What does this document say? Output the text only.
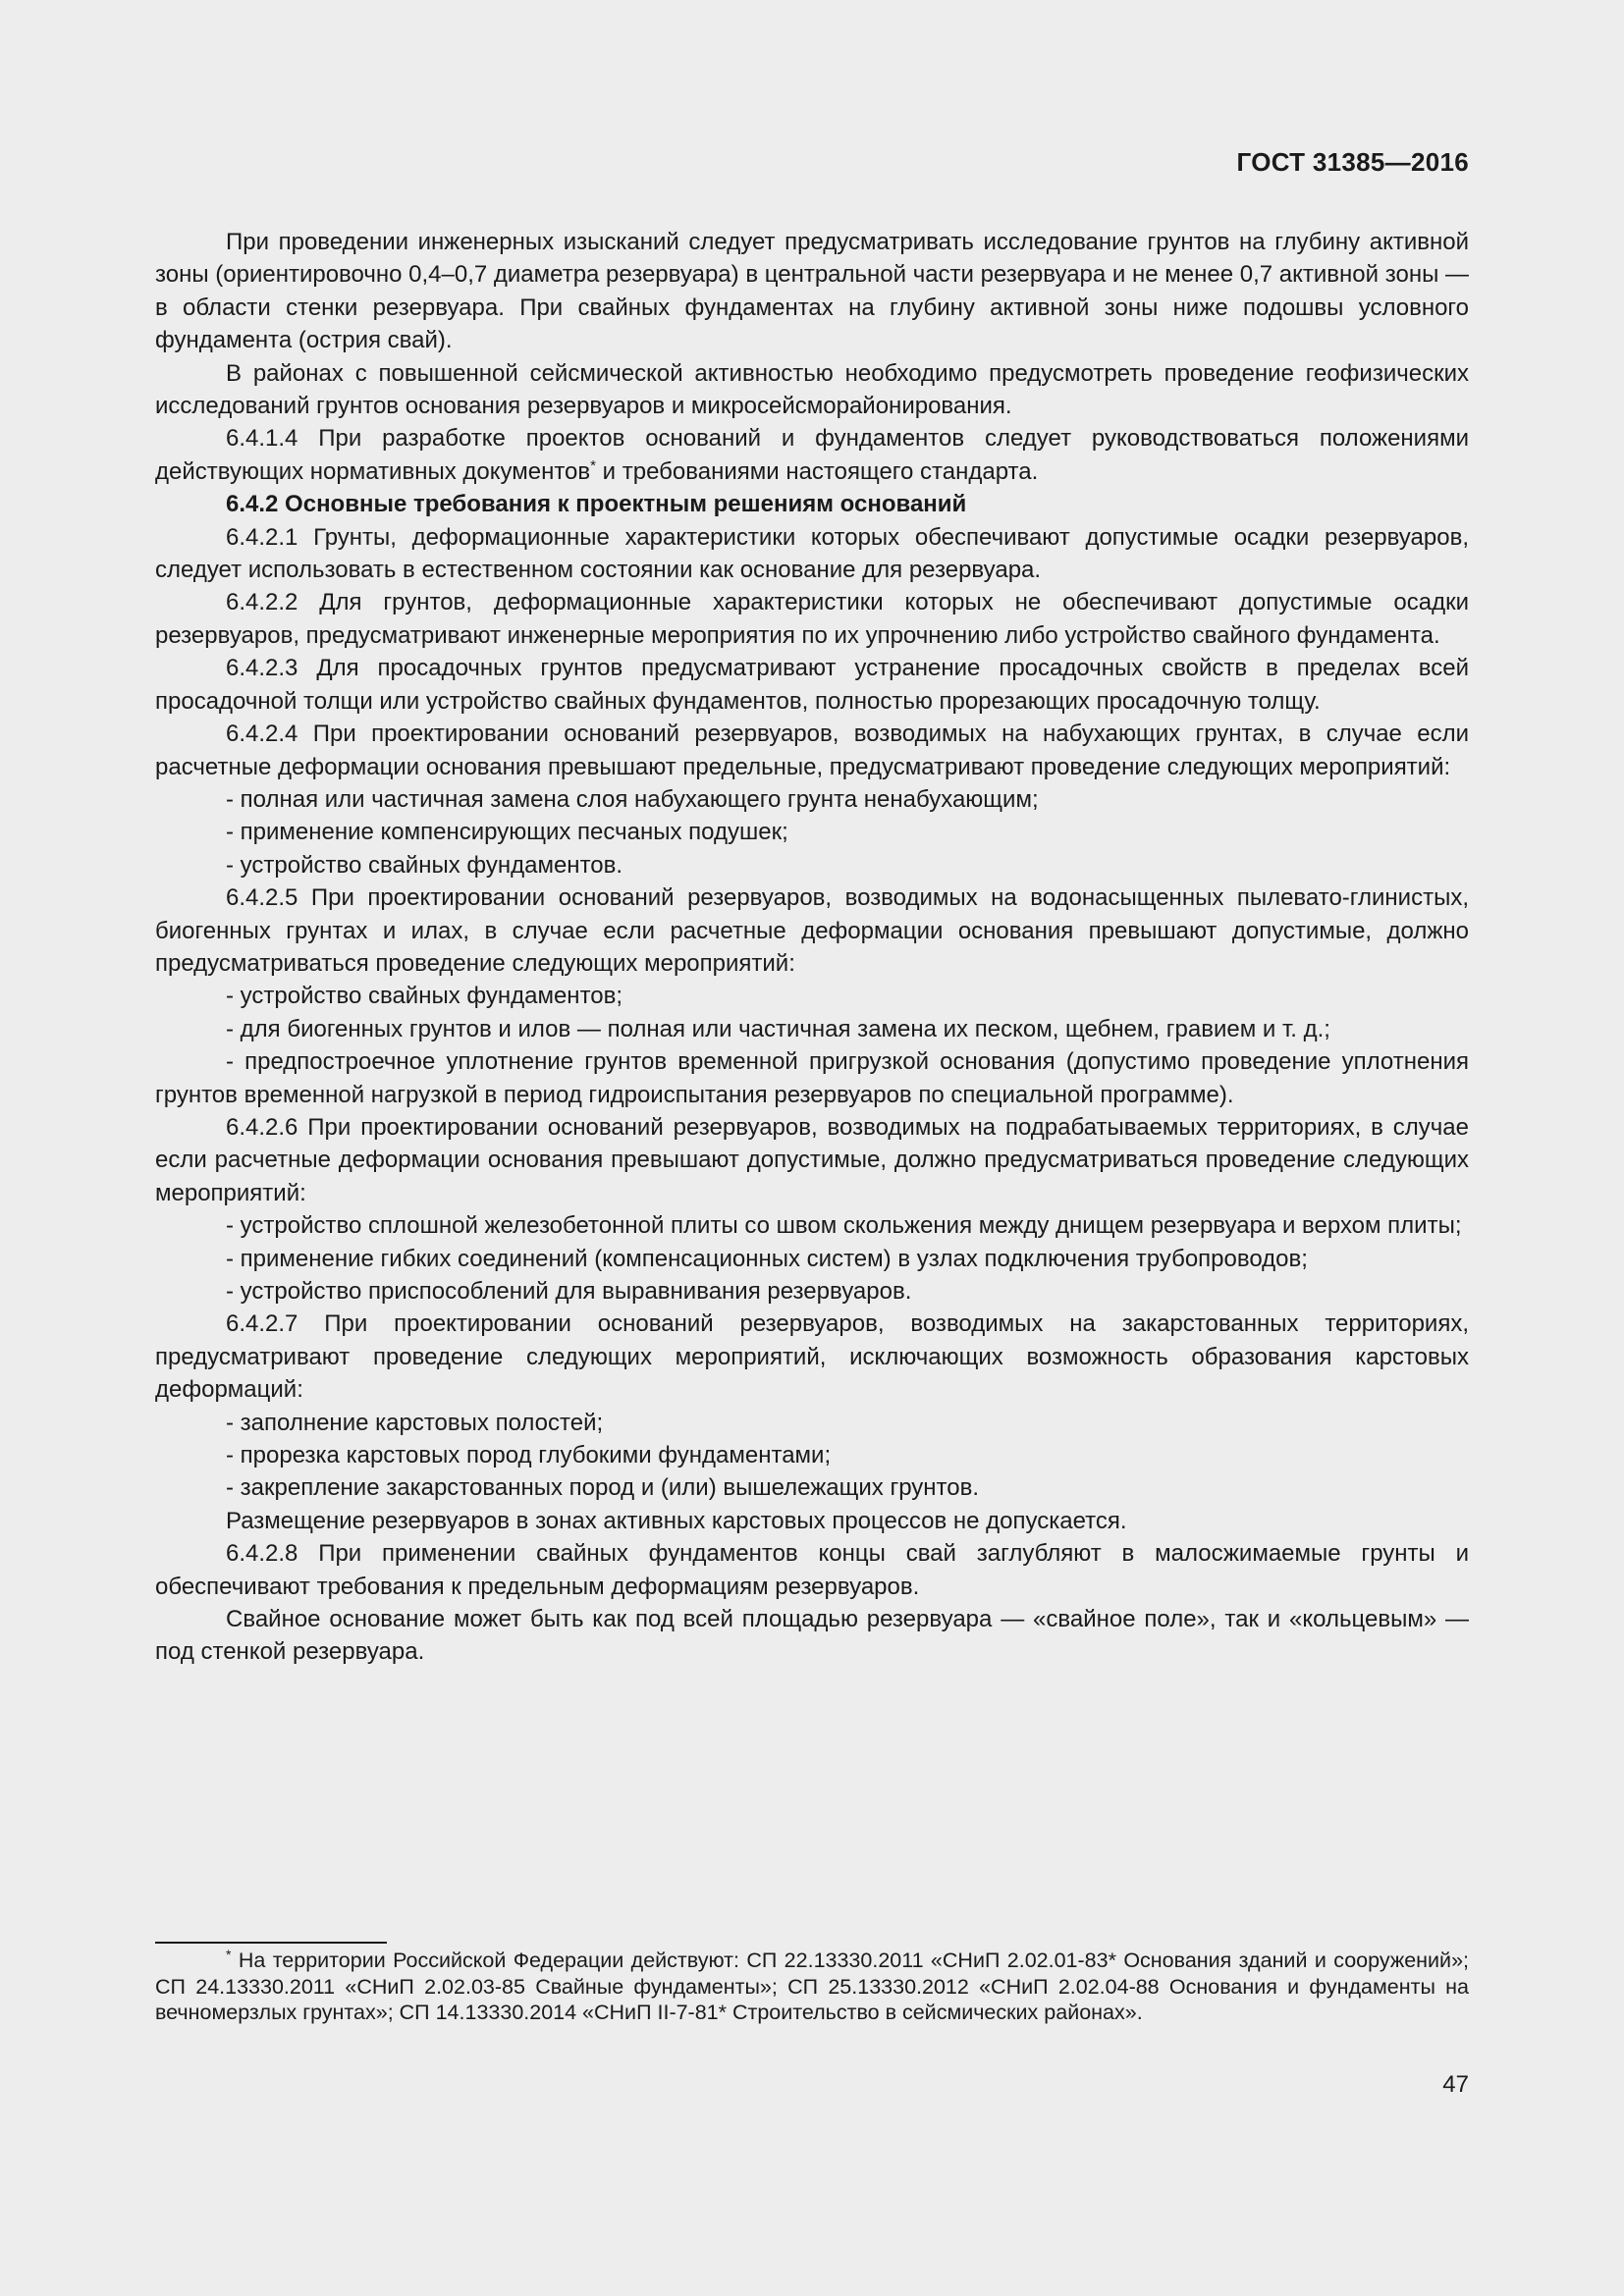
ГОСТ 31385—2016

При проведении инженерных изысканий следует предусматривать исследование грунтов на глубину активной зоны (ориентировочно 0,4–0,7 диаметра резервуара) в центральной части резервуара и не менее 0,7 активной зоны — в области стенки резервуара. При свайных фундаментах на глубину активной зоны ниже подошвы условного фундамента (острия свай).

В районах с повышенной сейсмической активностью необходимо предусмотреть проведение геофизических исследований грунтов основания резервуаров и микросейсморайонирования.

6.4.1.4 При разработке проектов оснований и фундаментов следует руководствоваться положениями действующих нормативных документов* и требованиями настоящего стандарта.

6.4.2 Основные требования к проектным решениям оснований

6.4.2.1 Грунты, деформационные характеристики которых обеспечивают допустимые осадки резервуаров, следует использовать в естественном состоянии как основание для резервуара.

6.4.2.2 Для грунтов, деформационные характеристики которых не обеспечивают допустимые осадки резервуаров, предусматривают инженерные мероприятия по их упрочнению либо устройство свайного фундамента.

6.4.2.3 Для просадочных грунтов предусматривают устранение просадочных свойств в пределах всей просадочной толщи или устройство свайных фундаментов, полностью прорезающих просадочную толщу.

6.4.2.4 При проектировании оснований резервуаров, возводимых на набухающих грунтах, в случае если расчетные деформации основания превышают предельные, предусматривают проведение следующих мероприятий:

- полная или частичная замена слоя набухающего грунта ненабухающим;

- применение компенсирующих песчаных подушек;

- устройство свайных фундаментов.

6.4.2.5 При проектировании оснований резервуаров, возводимых на водонасыщенных пылевато-глинистых, биогенных грунтах и илах, в случае если расчетные деформации основания превышают допустимые, должно предусматриваться проведение следующих мероприятий:

- устройство свайных фундаментов;

- для биогенных грунтов и илов — полная или частичная замена их песком, щебнем, гравием и т. д.;

- предпостроечное уплотнение грунтов временной пригрузкой основания (допустимо проведение уплотнения грунтов временной нагрузкой в период гидроиспытания резервуаров по специальной программе).

6.4.2.6 При проектировании оснований резервуаров, возводимых на подрабатываемых территориях, в случае если расчетные деформации основания превышают допустимые, должно предусматриваться проведение следующих мероприятий:

- устройство сплошной железобетонной плиты со швом скольжения между днищем резервуара и верхом плиты;

- применение гибких соединений (компенсационных систем) в узлах подключения трубопроводов;

- устройство приспособлений для выравнивания резервуаров.

6.4.2.7 При проектировании оснований резервуаров, возводимых на закарстованных территориях, предусматривают проведение следующих мероприятий, исключающих возможность образования карстовых деформаций:

- заполнение карстовых полостей;

- прорезка карстовых пород глубокими фундаментами;

- закрепление закарстованных пород и (или) вышележащих грунтов.

Размещение резервуаров в зонах активных карстовых процессов не допускается.

6.4.2.8 При применении свайных фундаментов концы свай заглубляют в малосжимаемые грунты и обеспечивают требования к предельным деформациям резервуаров.

Свайное основание может быть как под всей площадью резервуара — «свайное поле», так и «кольцевым» — под стенкой резервуара.

* На территории Российской Федерации действуют: СП 22.13330.2011 «СНиП 2.02.01-83* Основания зданий и сооружений»; СП 24.13330.2011 «СНиП 2.02.03-85 Свайные фундаменты»; СП 25.13330.2012 «СНиП 2.02.04-88 Основания и фундаменты на вечномерзлых грунтах»; СП 14.13330.2014 «СНиП II-7-81* Строительство в сейсмических районах».

47
